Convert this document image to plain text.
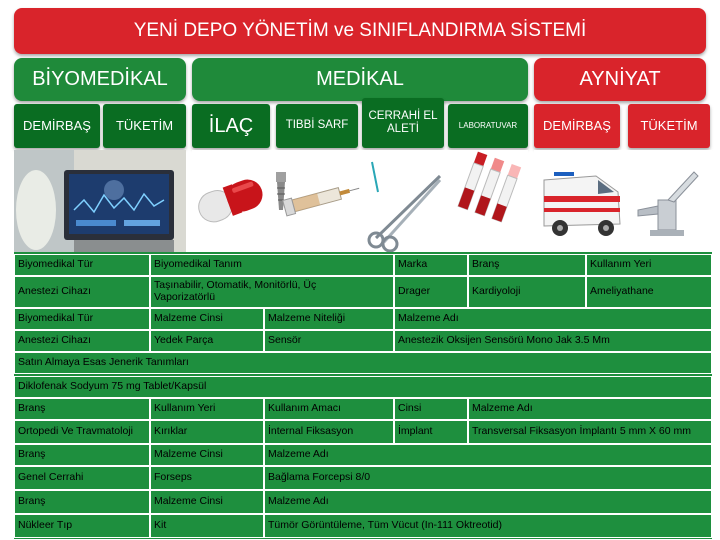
YENİ DEPO YÖNETİM ve SINIFLANDIRMA SİSTEMİ
BİYOMEDİKAL	MEDİKAL	AYNİYAT
DEMİRBAŞ	TÜKETİM	İLAÇ	TIBBİ SARF
CERRAHİ EL ALETİ	LABORATUVAR	DEMİRBAŞ	TÜKETİM
Biyomedikal Tür	Biyomedikal Tanım	Marka	Branş	Kullanım Yeri
Anestezi Cihazı	Taşınabilir, Otomatik, Monitörlü, Üç Vaporizatörlü	Drager	Kardiyoloji	Ameliyathane
Biyomedikal Tür	Malzeme Cinsi	Malzeme Niteliği	Malzeme Adı
Anestezi Cihazı	Yedek Parça	Sensör	Anestezik Oksijen Sensörü Mono Jak 3.5 Mm
Satın Almaya Esas Jenerik Tanımları
Diklofenak Sodyum 75 mg Tablet/Kapsül
Branş	Kullanım Yeri	Kullanım Amacı	Cinsi	Malzeme Adı
Ortopedi Ve Travmatoloji	Kırıklar	İnternal Fiksasyon	İmplant	Transversal Fiksasyon İmplantı 5 mm X 60 mm
Branş	Malzeme Cinsi	Malzeme Adı
Genel Cerrahi	Forseps	Bağlama Forcepsi 8/0
Branş	Malzeme Cinsi	Malzeme Adı
Nükleer Tıp	Kit	Tümör Görüntüleme, Tüm Vücut (In-111 Oktreotid)
